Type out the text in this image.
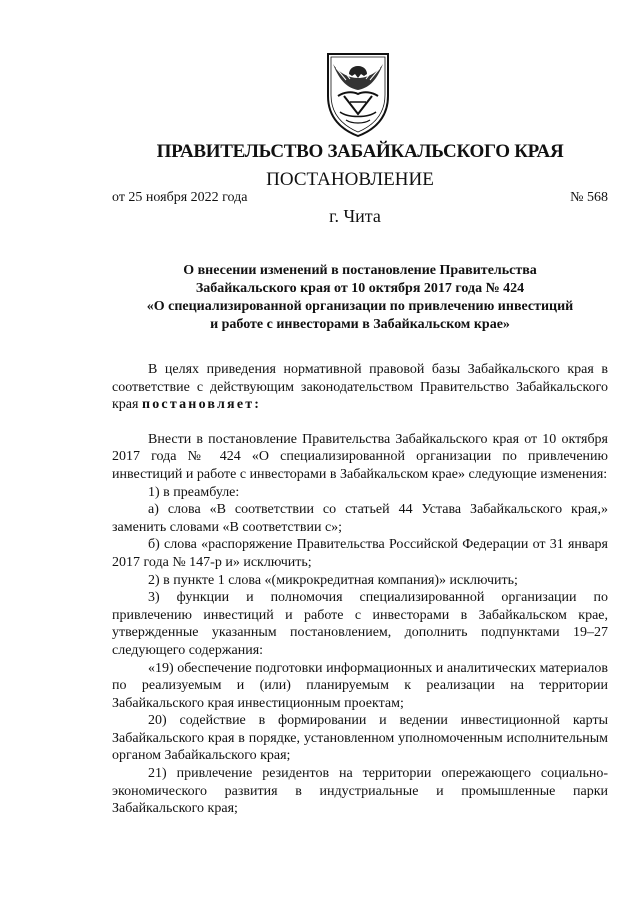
ПРАВИТЕЛЬСТВО ЗАБАЙКАЛЬСКОГО КРАЯ
ПОСТАНОВЛЕНИЕ
от 25 ноября 2022 года	№ 568
г. Чита
О внесении изменений в постановление Правительства
Забайкальского края от 10 октября 2017 года № 424
«О специализированной организации по привлечению инвестиций
и работе с инвесторами в Забайкальском крае»

В целях приведения нормативной правовой базы Забайкальского края в соответствие с действующим законодательством Правительство Забайкальского края постановляет:

Внести в постановление Правительства Забайкальского края от 10 октября 2017 года № 424 «О специализированной организации по привлечению инвестиций и работе с инвесторами в Забайкальском крае» следующие изменения:

1) в преамбуле:

а) слова «В соответствии со статьей 44 Устава Забайкальского края,» заменить словами «В соответствии с»;

б) слова «распоряжение Правительства Российской Федерации от 31 января 2017 года № 147-р и» исключить;

2) в пункте 1 слова «(микрокредитная компания)» исключить;

3) функции и полномочия специализированной организации по привлечению инвестиций и работе с инвесторами в Забайкальском крае, утвержденные указанным постановлением, дополнить подпунктами 19–27 следующего содержания:

«19) обеспечение подготовки информационных и аналитических материалов по реализуемым и (или) планируемым к реализации на территории Забайкальского края инвестиционным проектам;

20) содействие в формировании и ведении инвестиционной карты Забайкальского края в порядке, установленном уполномоченным исполнительным органом Забайкальского края;

21) привлечение резидентов на территории опережающего социально-экономического развития в индустриальные и промышленные парки Забайкальского края;
